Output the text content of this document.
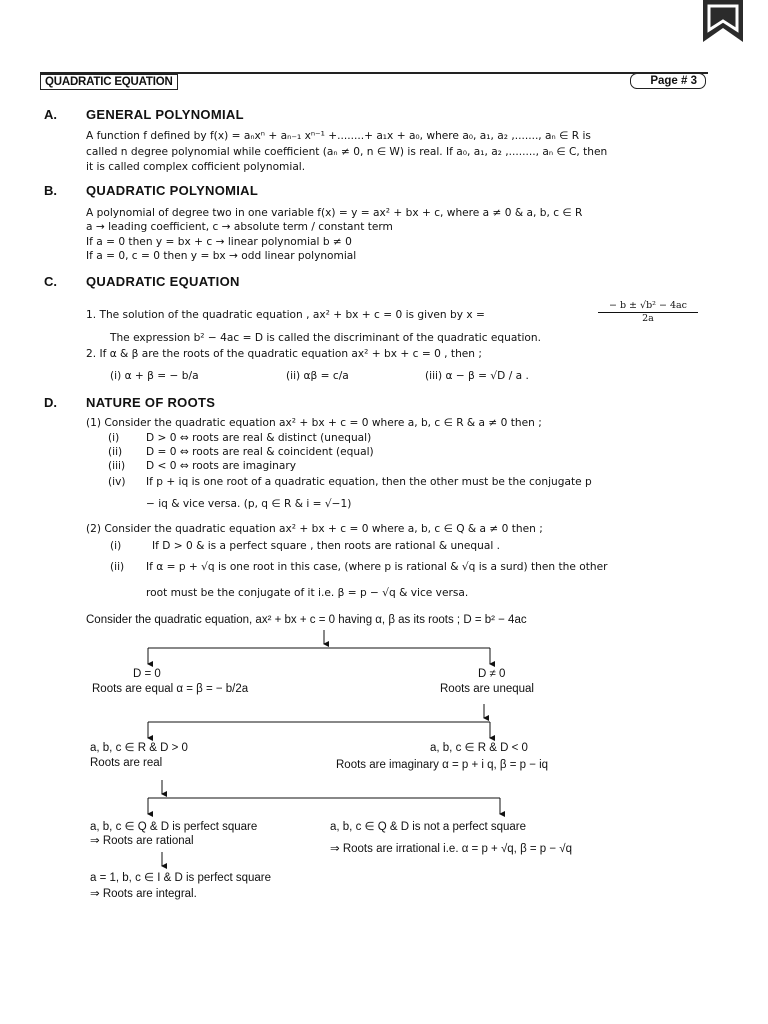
QUADRATIC EQUATION	Page # 3
A. GENERAL POLYNOMIAL
A function f defined by f(x) = aₙxⁿ + aₙ₋₁ xⁿ⁻¹ +........+ a₁x + a₀, where a₀, a₁, a₂ ,......., aₙ ∈ R is
called n degree polynomial while coefficient (aₙ ≠ 0, n ∈ W) is real. If a₀, a₁, a₂ ,........, aₙ ∈ C, then
it is called complex cofficient polynomial.
B. QUADRATIC POLYNOMIAL
A polynomial of degree two in one variable f(x) = y = ax² + bx + c, where a ≠ 0 & a, b, c ∈ R
a → leading coefficient, c → absolute term / constant term
If a = 0 then y = bx + c → linear polynomial b ≠ 0
If a = 0, c = 0 then y = bx → odd linear polynomial
C. QUADRATIC EQUATION
1. The solution of the quadratic equation , ax² + bx + c = 0 is given by x =	$\frac{\text{− b ± √b² − 4ac}}{2a}$
The expression b² − 4ac = D is called the discriminant of the quadratic equation.
2. If α & β are the roots of the quadratic equation ax² + bx + c = 0 , then ;
(i) α + β = − b/a	(ii) αβ = c/a	(iii) α − β = √D / a .
D. NATURE OF ROOTS
(1) Consider the quadratic equation ax² + bx + c = 0 where a, b, c ∈ R & a ≠ 0 then ;
(i)	D > 0 ⇔ roots are real & distinct (unequal)
(ii) D = 0 ⇔ roots are real & coincident (equal)
(iii) D < 0 ⇔ roots are imaginary
(iv) If p + iq is one root of a quadratic equation, then the other must be the conjugate p
− iq & vice versa. (p, q ∈ R & i = √−1)
(2) Consider the quadratic equation ax² + bx + c = 0 where a, b, c ∈ Q & a ≠ 0 then ;
(i)	If D > 0 & is a perfect square , then roots are rational & unequal .
(ii) If α = p + √q is one root in this case, (where p is rational & √q is a surd) then the other
root must be the conjugate of it i.e. β = p − √q & vice versa.
Consider the quadratic equation, ax² + bx + c = 0 having α, β as its roots ; D = b² − 4ac
D = 0
Roots are equal α = β = − b/2a
D ≠ 0
Roots are unequal
a, b, c ∈ R & D > 0
Roots are real
a, b, c ∈ R & D < 0
Roots are imaginary α = p + i q, β = p − iq
a, b, c ∈ Q & D is perfect square
⇒ Roots are rational
a, b, c ∈ Q & D is not a perfect square
⇒ Roots are irrational i.e. α = p + √q, β = p − √q
a = 1, b, c ∈ I & D is perfect square
⇒ Roots are integral.
